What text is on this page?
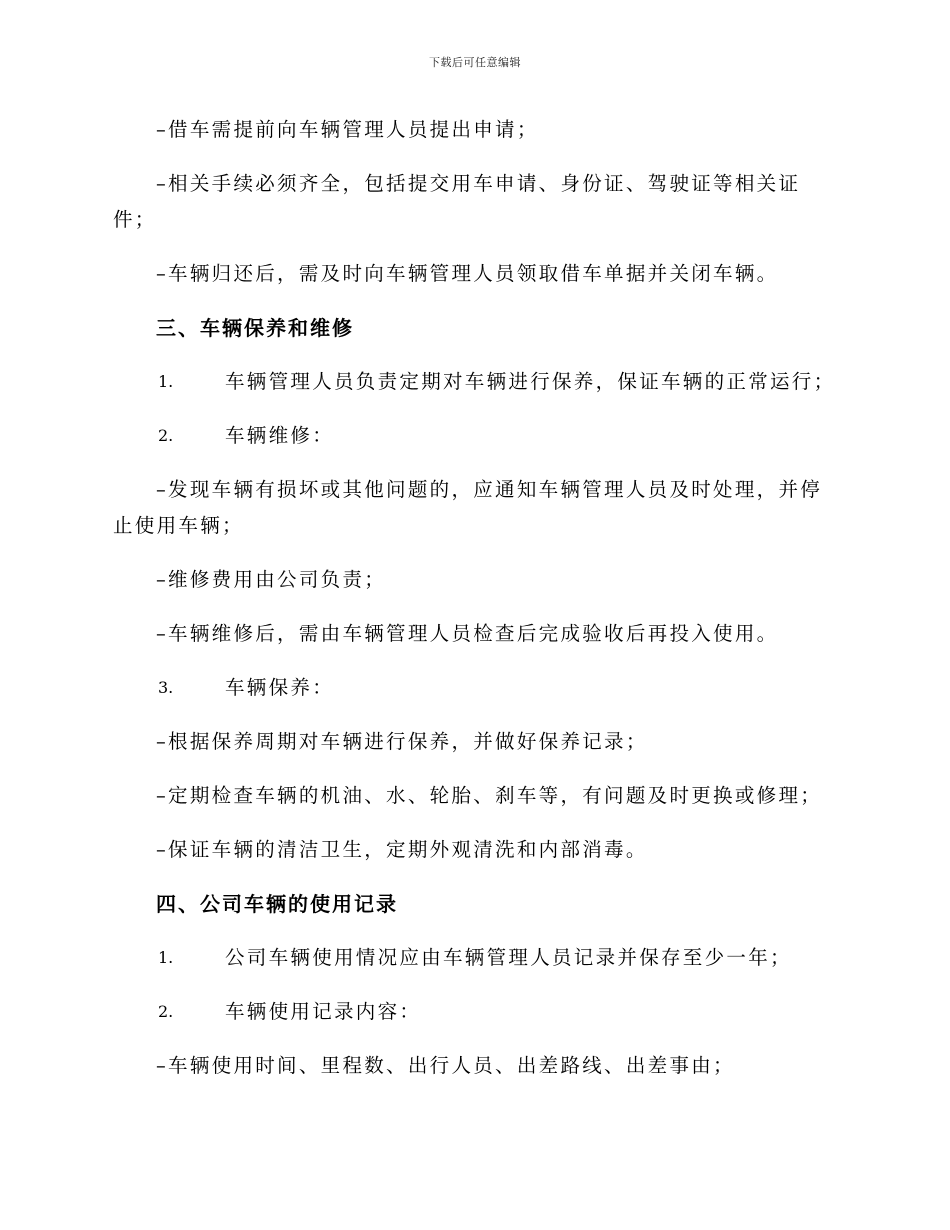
下载后可任意编辑

–借车需提前向车辆管理人员提出申请；

–相关手续必须齐全，包括提交用车申请、身份证、驾驶证等相关证件；

–车辆归还后，需及时向车辆管理人员领取借车单据并关闭车辆。

三、车辆保养和维修
1.	车辆管理人员负责定期对车辆进行保养，保证车辆的正常运行；
2.	车辆维修：

–发现车辆有损坏或其他问题的，应通知车辆管理人员及时处理，并停止使用车辆；

–维修费用由公司负责；

–车辆维修后，需由车辆管理人员检查后完成验收后再投入使用。

3.	车辆保养：

–根据保养周期对车辆进行保养，并做好保养记录；

–定期检查车辆的机油、水、轮胎、刹车等，有问题及时更换或修理；

–保证车辆的清洁卫生，定期外观清洗和内部消毒。

四、公司车辆的使用记录
1.	公司车辆使用情况应由车辆管理人员记录并保存至少一年；
2.	车辆使用记录内容：

–车辆使用时间、里程数、出行人员、出差路线、出差事由；
